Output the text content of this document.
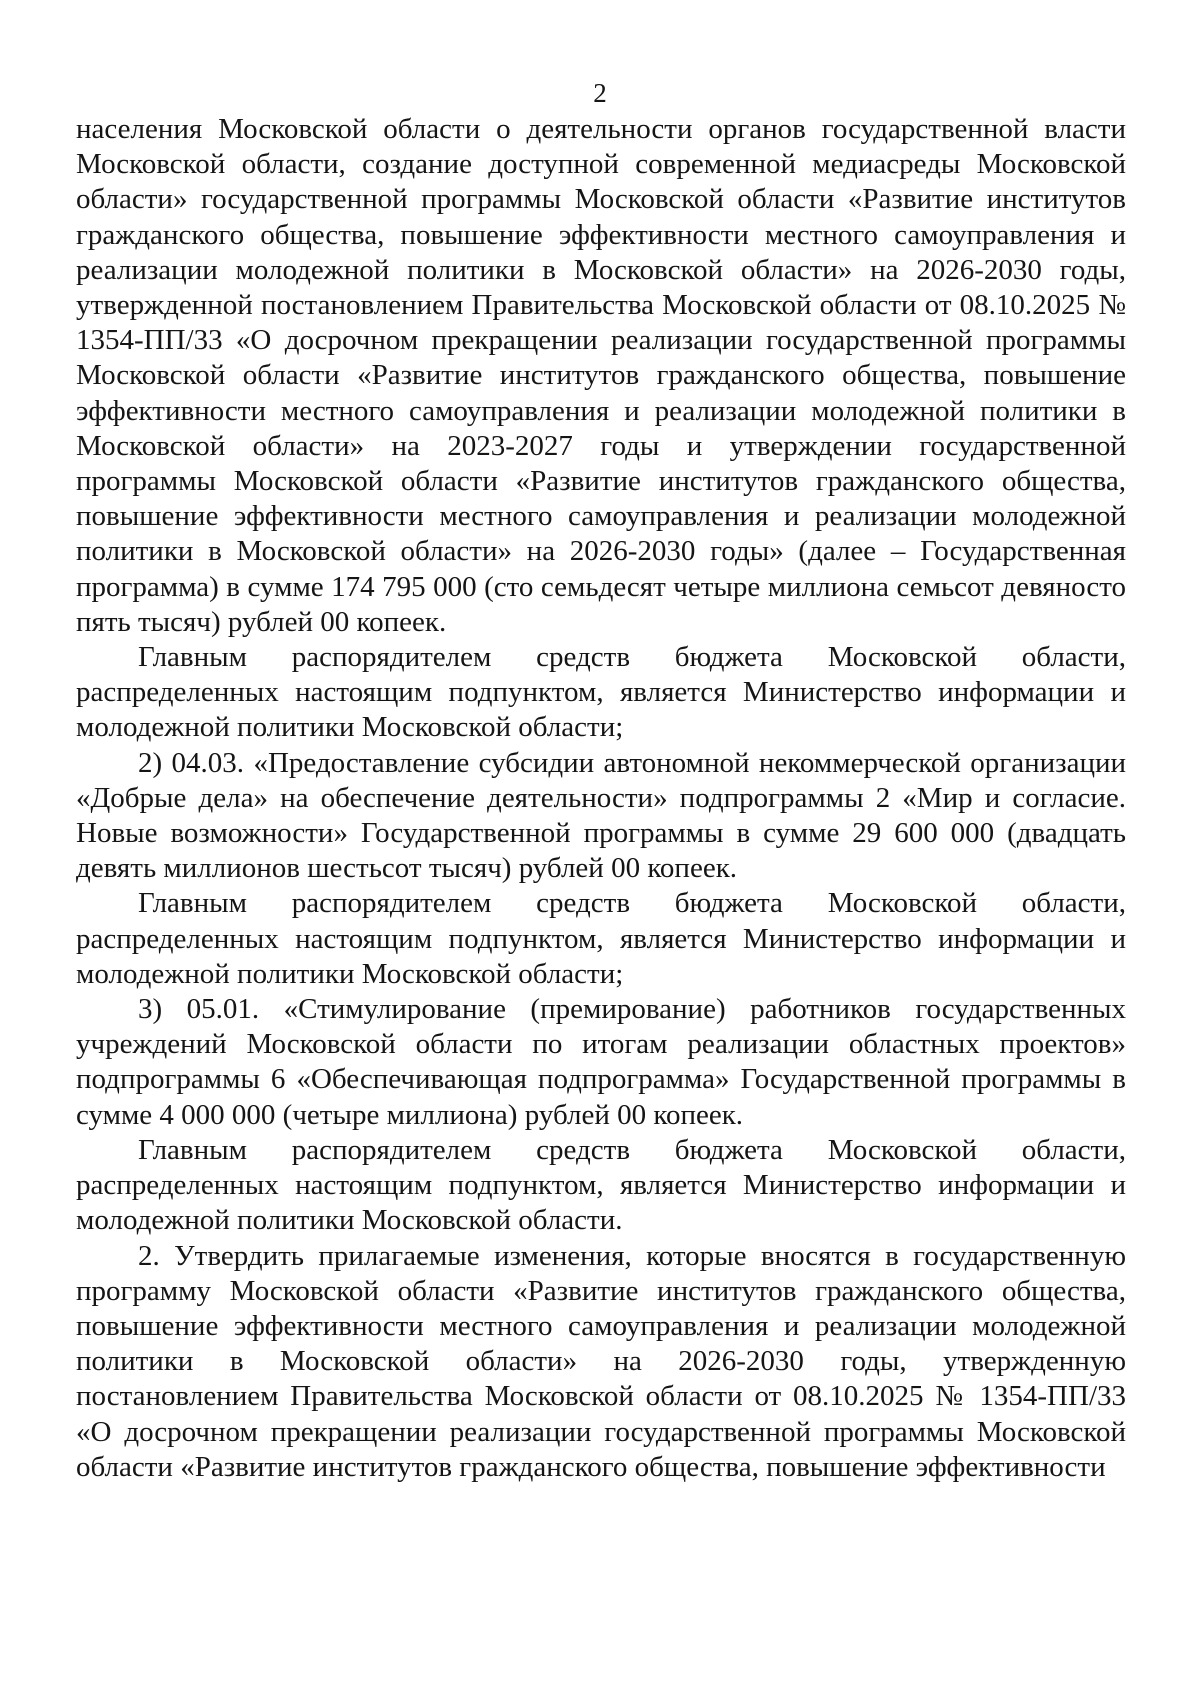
2

населения Московской области о деятельности органов государственной власти Московской области, создание доступной современной медиасреды Московской области» государственной программы Московской области «Развитие институтов гражданского общества, повышение эффективности местного самоуправления и реализации молодежной политики в Московской области» на 2026-2030 годы, утвержденной постановлением Правительства Московской области от 08.10.2025 № 1354-ПП/33 «О досрочном прекращении реализации государственной программы Московской области «Развитие институтов гражданского общества, повышение эффективности местного самоуправления и реализации молодежной политики в Московской области» на 2023-2027 годы и утверждении государственной программы Московской области «Развитие институтов гражданского общества, повышение эффективности местного самоуправления и реализации молодежной политики в Московской области» на 2026-2030 годы» (далее – Государственная программа) в сумме 174 795 000 (сто семьдесят четыре миллиона семьсот девяносто пять тысяч) рублей 00 копеек.

Главным распорядителем средств бюджета Московской области, распределенных настоящим подпунктом, является Министерство информации и молодежной политики Московской области;

2) 04.03. «Предоставление субсидии автономной некоммерческой организации «Добрые дела» на обеспечение деятельности» подпрограммы 2 «Мир и согласие. Новые возможности» Государственной программы в сумме 29 600 000 (двадцать девять миллионов шестьсот тысяч) рублей 00 копеек.

Главным распорядителем средств бюджета Московской области, распределенных настоящим подпунктом, является Министерство информации и молодежной политики Московской области;

3) 05.01. «Стимулирование (премирование) работников государственных учреждений Московской области по итогам реализации областных проектов» подпрограммы 6 «Обеспечивающая подпрограмма» Государственной программы в сумме 4 000 000 (четыре миллиона) рублей 00 копеек.

Главным распорядителем средств бюджета Московской области, распределенных настоящим подпунктом, является Министерство информации и молодежной политики Московской области.

2. Утвердить прилагаемые изменения, которые вносятся в государственную программу Московской области «Развитие институтов гражданского общества, повышение эффективности местного самоуправления и реализации молодежной политики в Московской области» на 2026-2030 годы, утвержденную постановлением Правительства Московской области от 08.10.2025 № 1354-ПП/33 «О досрочном прекращении реализации государственной программы Московской области «Развитие институтов гражданского общества, повышение эффективности
